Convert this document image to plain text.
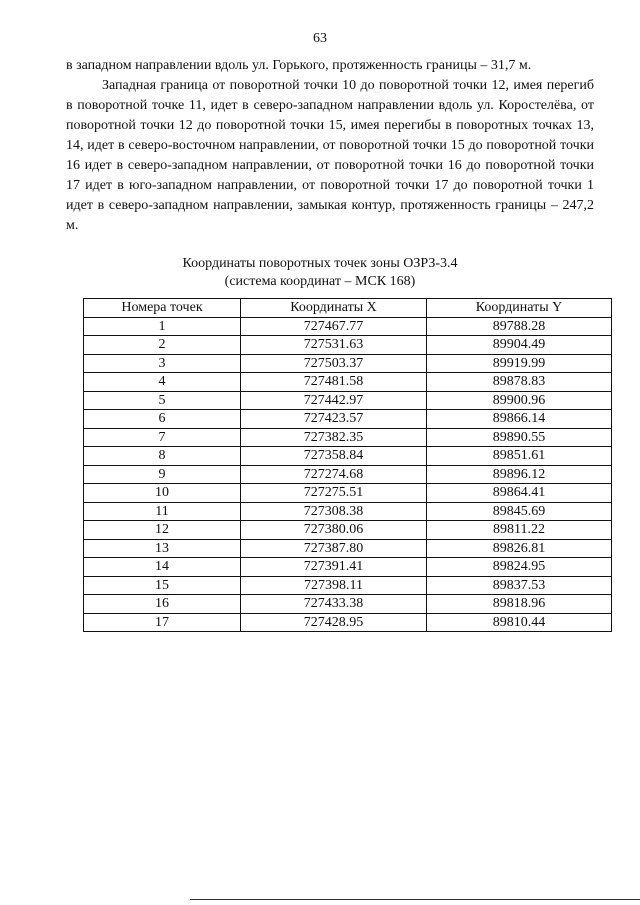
63

в западном направлении вдоль ул. Горького, протяженность границы – 31,7 м.

Западная граница от поворотной точки 10 до поворотной точки 12, имея перегиб в поворотной точке 11, идет в северо-западном направлении вдоль ул. Коростелёва, от поворотной точки 12 до поворотной точки 15, имея перегибы в поворотных точках 13, 14, идет в северо-восточном направлении, от поворотной точки 15 до поворотной точки 16 идет в северо-западном направлении, от поворотной точки 16 до поворотной точки 17 идет в юго-западном направлении, от поворотной точки 17 до поворотной точки 1 идет в северо-западном направлении, замыкая контур, протяженность границы – 247,2 м.

Координаты поворотных точек зоны ОЗРЗ-3.4
(система координат – МСК 168)
Номера точек	Координаты X	Координаты Y
1	727467.77	89788.28
2	727531.63	89904.49
3	727503.37	89919.99
4	727481.58	89878.83
5	727442.97	89900.96
6	727423.57	89866.14
7	727382.35	89890.55
8	727358.84	89851.61
9	727274.68	89896.12
10	727275.51	89864.41
11	727308.38	89845.69
12	727380.06	89811.22
13	727387.80	89826.81
14	727391.41	89824.95
15	727398.11	89837.53
16	727433.38	89818.96
17	727428.95	89810.44
